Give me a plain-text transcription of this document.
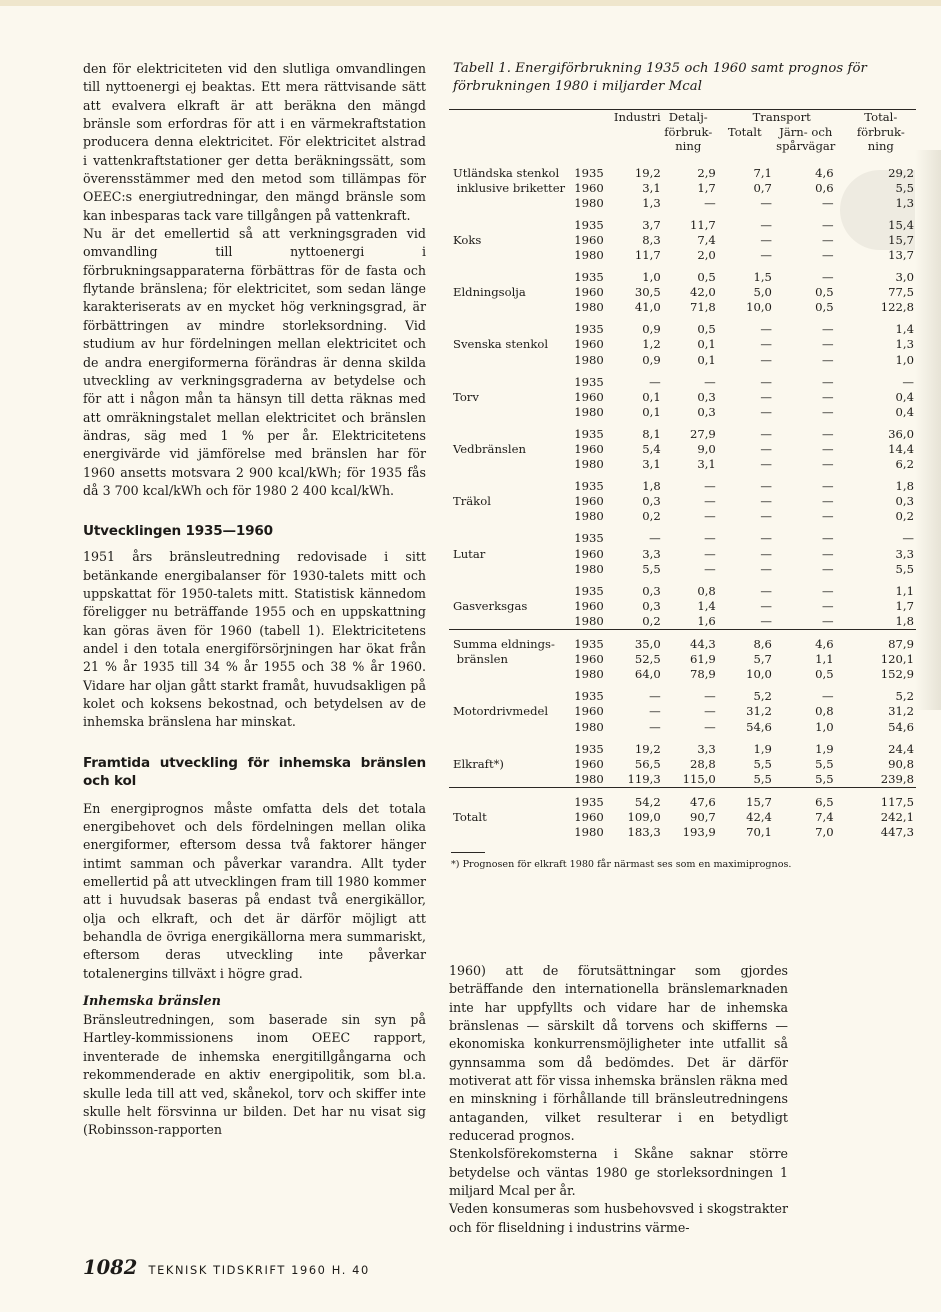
den för elektriciteten vid den slutliga omvandlingen till nyttoenergi ej beaktas. Ett mera rättvisande sätt att evalvera elkraft är att beräkna den mängd bränsle som erfordras för att i en värmekraftstation producera denna elektricitet. För elektricitet alstrad i vattenkraftstationer ger detta beräkningssätt, som överensstämmer med den metod som tillämpas för OEEC:s energiutredningar, den mängd bränsle som kan inbesparas tack vare tillgången på vattenkraft.

Nu är det emellertid så att verkningsgraden vid omvandling till nyttoenergi i förbrukningsapparaterna förbättras för de fasta och flytande bränslena; för elektricitet, som sedan länge karakteriserats av en mycket hög verkningsgrad, är förbättringen av mindre storleksordning. Vid studium av hur fördelningen mellan elektricitet och de andra energiformerna förändras är denna skilda utveckling av verkningsgraderna av betydelse och för att i någon mån ta hänsyn till detta räknas med att omräkningstalet mellan elektricitet och bränslen ändras, säg med 1 % per år. Elektricitetens energivärde vid jämförelse med bränslen har för 1960 ansetts motsvara 2 900 kcal/kWh; för 1935 fås då 3 700 kcal/kWh och för 1980 2 400 kcal/kWh.

Utvecklingen 1935—1960

1951 års bränsleutredning redovisade i sitt betänkande energibalanser för 1930-talets mitt och uppskattat för 1950-talets mitt. Statistisk kännedom föreligger nu beträffande 1955 och en uppskattning kan göras även för 1960 (tabell 1). Elektricitetens andel i den totala energiförsörjningen har ökat från 21 % år 1935 till 34 % år 1955 och 38 % år 1960. Vidare har oljan gått starkt framåt, huvudsakligen på kolet och koksens bekostnad, och betydelsen av de inhemska bränslena har minskat.

Framtida utveckling för inhemska bränslen och kol

En energiprognos måste omfatta dels det totala energibehovet och dels fördelningen mellan olika energiformer, eftersom dessa två faktorer hänger intimt samman och påverkar varandra. Allt tyder emellertid på att utvecklingen fram till 1980 kommer att i huvudsak baseras på endast två energikällor, olja och elkraft, och det är därför möjligt att behandla de övriga energikällorna mera summariskt, eftersom deras utveckling inte påverkar totalenergins tillväxt i högre grad.

Inhemska bränslen

Bränsleutredningen, som baserade sin syn på Hartley-kommissionens inom OEEC rapport, inventerade de inhemska energitillgångarna och rekommenderade en aktiv energipolitik, som bl.a. skulle leda till att ved, skånekol, torv och skiffer inte skulle helt försvinna ur bilden. Det har nu visat sig (Robinsson-rapporten

Tabell 1. Energiförbrukning 1935 och 1960 samt prognos för förbrukningen 1980 i miljarder Mcal

		Industri	Detalj-förbruk-ning	Transport
Totalt Järn- och spårvägar		Total-förbruk-ning
Utländska stenkol	1935	19,2	2,9	7,1	4,6	29,2
inklusive briketter	1960	3,1	1,7	0,7	0,6	5,5
	1980	1,3	—	—	—	1,3
	1935	3,7	11,7	—	—	15,4
Koks	1960	8,3	7,4	—	—	15,7
	1980	11,7	2,0	—	—	13,7
	1935	1,0	0,5	1,5	—	3,0
Eldningsolja	1960	30,5	42,0	5,0	0,5	77,5
	1980	41,0	71,8	10,0	0,5	122,8
	1935	0,9	0,5	—	—	1,4
Svenska stenkol	1960	1,2	0,1	—	—	1,3
	1980	0,9	0,1	—	—	1,0
	1935	—	—	—	—	—
Torv	1960	0,1	0,3	—	—	0,4
	1980	0,1	0,3	—	—	0,4
	1935	8,1	27,9	—	—	36,0
Vedbränslen	1960	5,4	9,0	—	—	14,4
	1980	3,1	3,1	—	—	6,2
	1935	1,8	—	—	—	1,8
Träkol	1960	0,3	—	—	—	0,3
	1980	0,2	—	—	—	0,2
	1935	—	—	—	—	—
Lutar	1960	3,3	—	—	—	3,3
	1980	5,5	—	—	—	5,5
	1935	0,3	0,8	—	—	1,1
Gasverksgas	1960	0,3	1,4	—	—	1,7
	1980	0,2	1,6	—	—	1,8
Summa eldnings-	1935	35,0	44,3	8,6	4,6	87,9
bränslen	1960	52,5	61,9	5,7	1,1	120,1
	1980	64,0	78,9	10,0	0,5	152,9
	1935	—	—	5,2	—	5,2
Motordrivmedel	1960	—	—	31,2	0,8	31,2
	1980	—	—	54,6	1,0	54,6
	1935	19,2	3,3	1,9	1,9	24,4
Elkraft*)	1960	56,5	28,8	5,5	5,5	90,8
	1980	119,3	115,0	5,5	5,5	239,8
	1935	54,2	47,6	15,7	6,5	117,5
Totalt	1960	109,0	90,7	42,4	7,4	242,1
	1980	183,3	193,9	70,1	7,0	447,3

*) Prognosen för elkraft 1980 får närmast ses som en maximiprognos.

1960) att de förutsättningar som gjordes beträffande den internationella bränslemarknaden inte har uppfyllts och vidare har de inhemska bränslenas — särskilt då torvens och skifferns — ekonomiska konkurrensmöjligheter inte utfallit så gynnsamma som då bedömdes. Det är därför motiverat att för vissa inhemska bränslen räkna med en minskning i förhållande till bränsleutredningens antaganden, vilket resulterar i en betydligt reducerad prognos.

Stenkolsförekomsterna i Skåne saknar större betydelse och väntas 1980 ge storleksordningen 1 miljard Mcal per år.

Veden konsumeras som husbehovsved i skogstrakter och för fliseldning i industrins värme-

1082 TEKNISK TIDSKRIFT 1960 H. 40
